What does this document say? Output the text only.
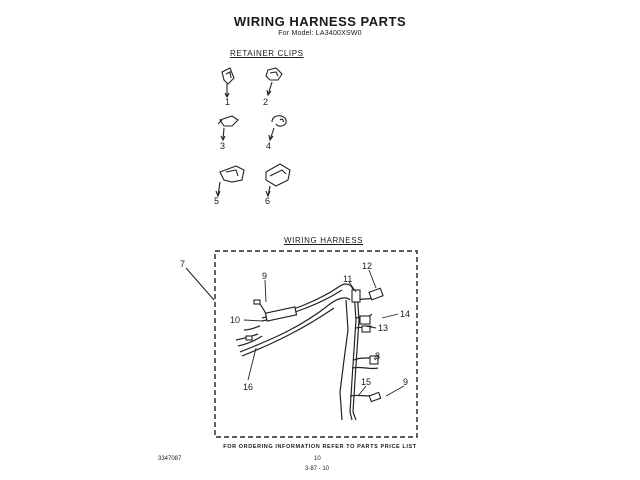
WIRING HARNESS PARTS
For Model: LA3400XSW0
RETAINER CLIPS
WIRING HARNESS
1	2
3	4
5	6
7
9
10
11
12
13
14
8
15	9
16
FOR ORDERING INFORMATION REFER TO PARTS PRICE LIST
3347087	10
3-87 - 10
